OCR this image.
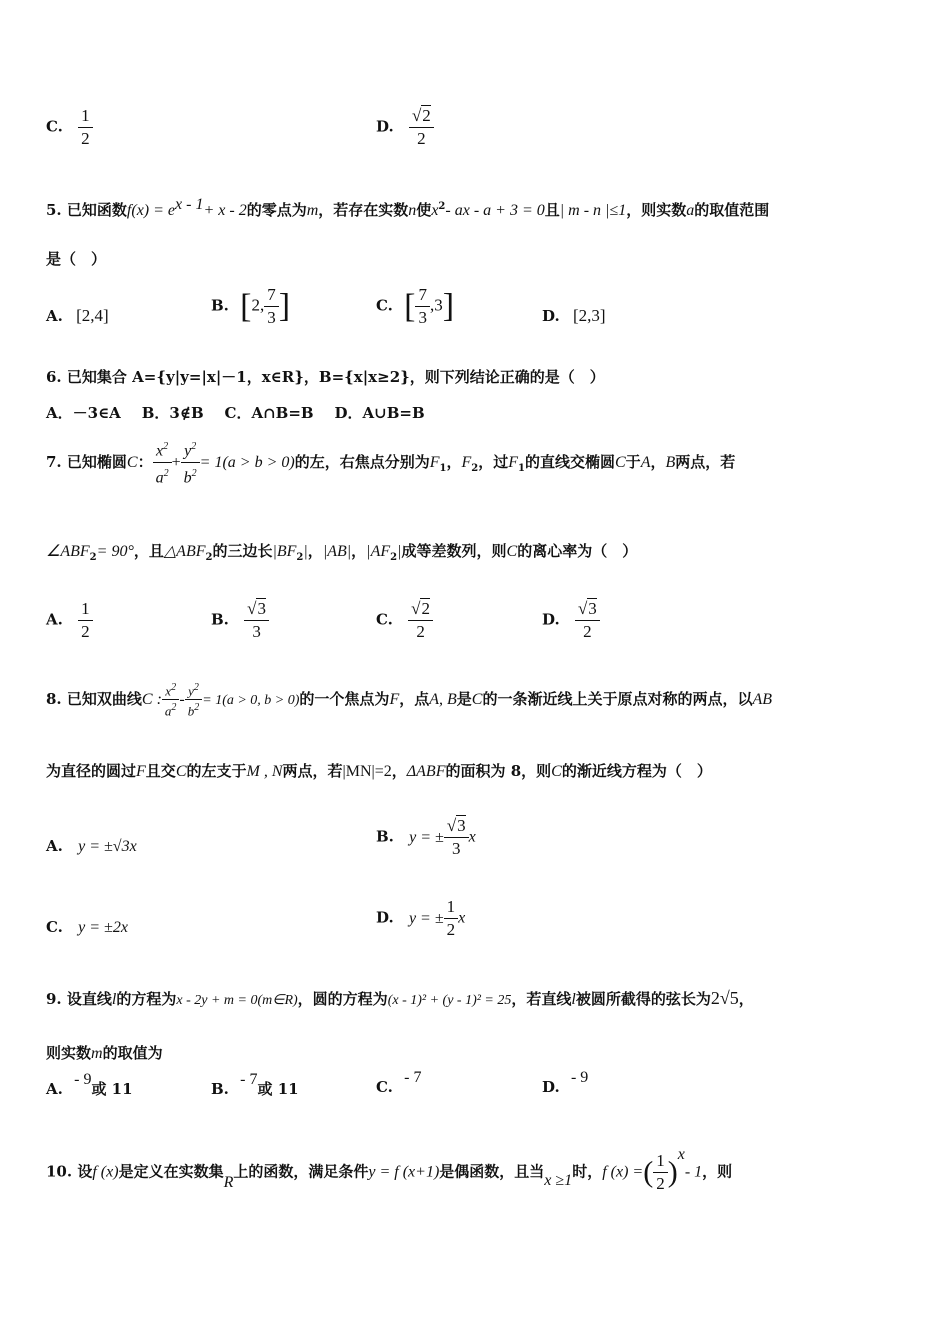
C. $\frac{1}{2}$	D. $\frac{√2}{2}$
5. 已知函数$f(x) = e^{x - 1}+ x - 2$的零点为m，若存在实数n使$x^2-$ ax - a + 3 = 0且| m - n |≤1，则实数a的取值范围
是（　）
A. [2,4]
B. [2, $\frac{7}{3}$ ]	C. [ $\frac{7}{3} ,3$]	D. [2,3]
6. 已知集合 A={y|y=|x|－1，x∈R}，B={x|x≥2}，则下列结论正确的是（　）
A．－3∈A B．3∉B C．A∩B=B D．A∪B=B
7. 已知椭圆C： $\frac{x^2}{a^2} + \frac{y^2}{b^2} = 1(a > b > 0)$的左，右焦点分别为$F_1$，$F_2$，过$F_1$的直线交椭圆C于A，B两点，若
$\angle ABF_2= 90^\circ$，且$\triangle ABF_2$的三边长$|BF_2|$，|AB|，$|AF_2|$成等差数列，则C的离心率为（　）
A. $\frac{1}{2}$	B. $\frac{√3}{3}$	C. $\frac{√2}{2}$	D. $\frac{√3}{2}$
8. 已知双曲线C : $\frac{x^2}{a^2} - \frac{y^2}{b^2} = 1(a > 0$, b > 0)的一个焦点为F，点A, B是C的一条渐近线上关于原点对称的两点，以AB
为直径的圆过F且交C的左支于M , N两点，若|MN|=2，ΔABF的面积为 8，则C的渐近线方程为（　）
A. y = ±√3x
B. y = ± $\frac{√3}{3}$ x
C. y = ±2x
D. y = ± $\frac{1}{2}$ x
9. 设直线l的方程为x - 2y + m = 0(m∈R)，圆的方程为(x - 1)² + (y - 1)² = 25，若直线l被圆所截得的弦长为2√5，
则实数m的取值为
A. - 9或 11	B. - 7或 11	C. - 7
D. - 9
10. 设f (x)是定义在实数集R上的函数，满足条件y = f (x+1)是偶函数，且当x ≥1时，f (x) =( $\frac{1}{2} )^x-$ 1，则
